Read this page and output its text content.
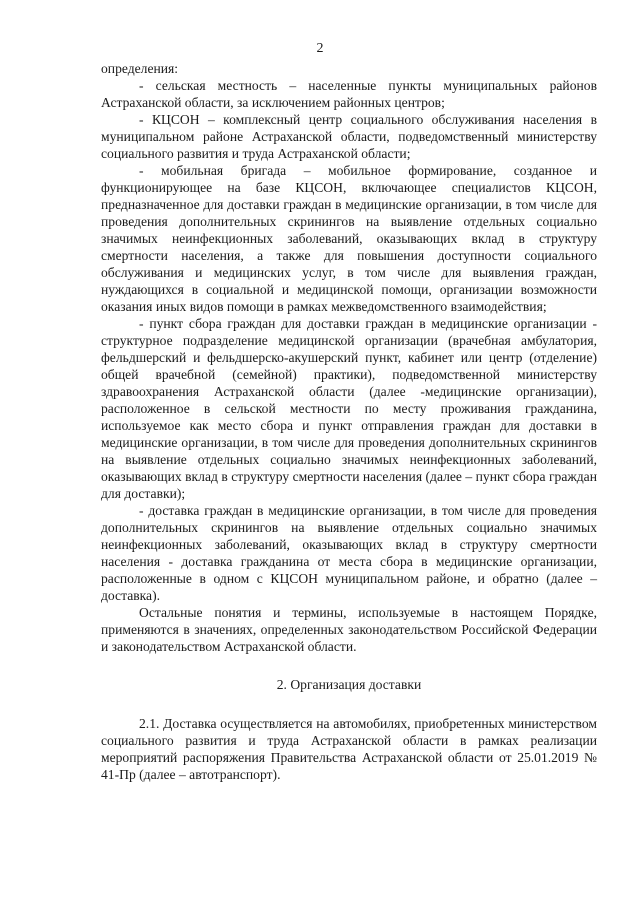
2

определения:

- сельская местность – населенные пункты муниципальных районов Астраханской области, за исключением районных центров;

- КЦСОН – комплексный центр социального обслуживания населения в муниципальном районе Астраханской области, подведомственный министерству социального развития и труда Астраханской области;

- мобильная бригада – мобильное формирование, созданное и функционирующее на базе КЦСОН, включающее специалистов КЦСОН, предназначенное для доставки граждан в медицинские организации, в том числе для проведения дополнительных скринингов на выявление отдельных социально значимых неинфекционных заболеваний, оказывающих вклад в структуру смертности населения, а также для повышения доступности социального обслуживания и медицинских услуг, в том числе для выявления граждан, нуждающихся в социальной и медицинской помощи, организации возможности оказания иных видов помощи в рамках межведомственного взаимодействия;

- пункт сбора граждан для доставки граждан в медицинские организации - структурное подразделение медицинской организации (врачебная амбулатория, фельдшерский и фельдшерско-акушерский пункт, кабинет или центр (отделение) общей врачебной (семейной) практики), подведомственной министерству здравоохранения Астраханской области (далее -медицинские организации), расположенное в сельской местности по месту проживания гражданина, используемое как место сбора и пункт отправления граждан для доставки в медицинские организации, в том числе для проведения дополнительных скринингов на выявление отдельных социально значимых неинфекционных заболеваний, оказывающих вклад в структуру смертности населения (далее – пункт сбора граждан для доставки);

- доставка граждан в медицинские организации, в том числе для проведения дополнительных скринингов на выявление отдельных социально значимых неинфекционных заболеваний, оказывающих вклад в структуру смертности населения - доставка гражданина от места сбора в медицинские организации, расположенные в одном с КЦСОН муниципальном районе, и обратно (далее – доставка).

Остальные понятия и термины, используемые в настоящем Порядке, применяются в значениях, определенных законодательством Российской Федерации и законодательством Астраханской области.

2. Организация доставки

2.1. Доставка осуществляется на автомобилях, приобретенных министерством социального развития и труда Астраханской области в рамках реализации мероприятий распоряжения Правительства Астраханской области от 25.01.2019 № 41-Пр (далее – автотранспорт).
